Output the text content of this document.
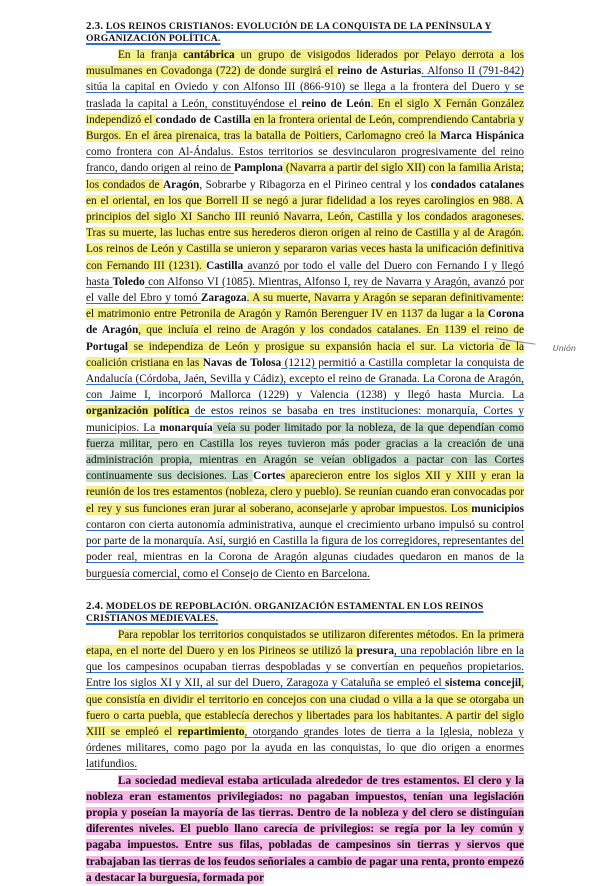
2.3. LOS REINOS CRISTIANOS: EVOLUCIÓN DE LA CONQUISTA DE LA PENÍNSULA Y ORGANIZACIÓN POLÍTICA.

En la franja cantábrica un grupo de visigodos liderados por Pelayo derrota a los musulmanes en Covadonga (722) de donde surgirá el reino de Asturias. Alfonso II (791-842) sitúa la capital en Oviedo y con Alfonso III (866-910) se llega a la frontera del Duero y se traslada la capital a León, constituyéndose el reino de León. En el siglo X Fernán González independizó el condado de Castilla en la frontera oriental de León, comprendiendo Cantabria y Burgos. En el área pirenaica, tras la batalla de Poitiers, Carlomagno creó la Marca Hispánica como frontera con Al-Ándalus. Estos territorios se desvincularon progresivamente del reino franco, dando origen al reino de Pamplona (Navarra a partir del siglo XII) con la familia Arista; los condados de Aragón, Sobrarbe y Ribagorza en el Pirineo central y los condados catalanes en el oriental, en los que Borrell II se negó a jurar fidelidad a los reyes carolingios en 988. A principios del siglo XI Sancho III reunió Navarra, León, Castilla y los condados aragoneses. Tras su muerte, las luchas entre sus herederos dieron origen al reino de Castilla y al de Aragón. Los reinos de León y Castilla se unieron y separaron varias veces hasta la unificación definitiva con Fernando III (1231). Castilla avanzó por todo el valle del Duero con Fernando I y llegó hasta Toledo con Alfonso VI (1085). Mientras, Alfonso I, rey de Navarra y Aragón, avanzó por el valle del Ebro y tomó Zaragoza. A su muerte, Navarra y Aragón se separan definitivamente: el matrimonio entre Petronila de Aragón y Ramón Berenguer IV en 1137 da lugar a la Corona de Aragón, que incluía el reino de Aragón y los condados catalanes. En 1139 el reino de Portugal se independiza de León y prosigue su expansión hacia el sur. La victoria de la coalición cristiana en las Navas de Tolosa (1212) permitió a Castilla completar la conquista de Andalucía (Córdoba, Jaén, Sevilla y Cádiz), excepto el reino de Granada. La Corona de Aragón, con Jaime I, incorporó Mallorca (1229) y Valencia (1238) y llegó hasta Murcia. La organización política de estos reinos se basaba en tres instituciones: monarquía, Cortes y municipios. La monarquía veía su poder limitado por la nobleza, de la que dependían como fuerza militar, pero en Castilla los reyes tuvieron más poder gracias a la creación de una administración propia, mientras en Aragón se veían obligados a pactar con las Cortes continuamente sus decisiones. Las Cortes aparecieron entre los siglos XII y XIII y eran la reunión de los tres estamentos (nobleza, clero y pueblo). Se reunían cuando eran convocadas por el rey y sus funciones eran jurar al soberano, aconsejarle y aprobar impuestos. Los municipios contaron con cierta autonomía administrativa, aunque el crecimiento urbano impulsó su control por parte de la monarquía. Así, surgió en Castilla la figura de los corregidores, representantes del poder real, mientras en la Corona de Aragón algunas ciudades quedaron en manos de la burguesía comercial, como el Consejo de Ciento en Barcelona.

Unión
2.4. MODELOS DE REPOBLACIÓN. ORGANIZACIÓN ESTAMENTAL EN LOS REINOS CRISTIANOS MEDIEVALES.

Para repoblar los territorios conquistados se utilizaron diferentes métodos. En la primera etapa, en el norte del Duero y en los Pirineos se utilizó la presura, una repoblación libre en la que los campesinos ocupaban tierras despobladas y se convertían en pequeños propietarios. Entre los siglos XI y XII, al sur del Duero, Zaragoza y Cataluña se empleó el sistema concejil, que consistía en dividir el territorio en concejos con una ciudad o villa a la que se otorgaba un fuero o carta puebla, que establecía derechos y libertades para los habitantes. A partir del siglo XIII se empleó el repartimiento, otorgando grandes lotes de tierra a la Iglesia, nobleza y órdenes militares, como pago por la ayuda en las conquistas, lo que dio origen a enormes latifundios.

La sociedad medieval estaba articulada alrededor de tres estamentos. El clero y la nobleza eran estamentos privilegiados: no pagaban impuestos, tenían una legislación propia y poseían la mayoría de las tierras. Dentro de la nobleza y del clero se distinguían diferentes niveles. El pueblo llano carecía de privilegios: se regía por la ley común y pagaba impuestos. Entre sus filas, pobladas de campesinos sin tierras y siervos que trabajaban las tierras de los feudos señoriales a cambio de pagar una renta, pronto empezó a destacar la burguesía, formada por
